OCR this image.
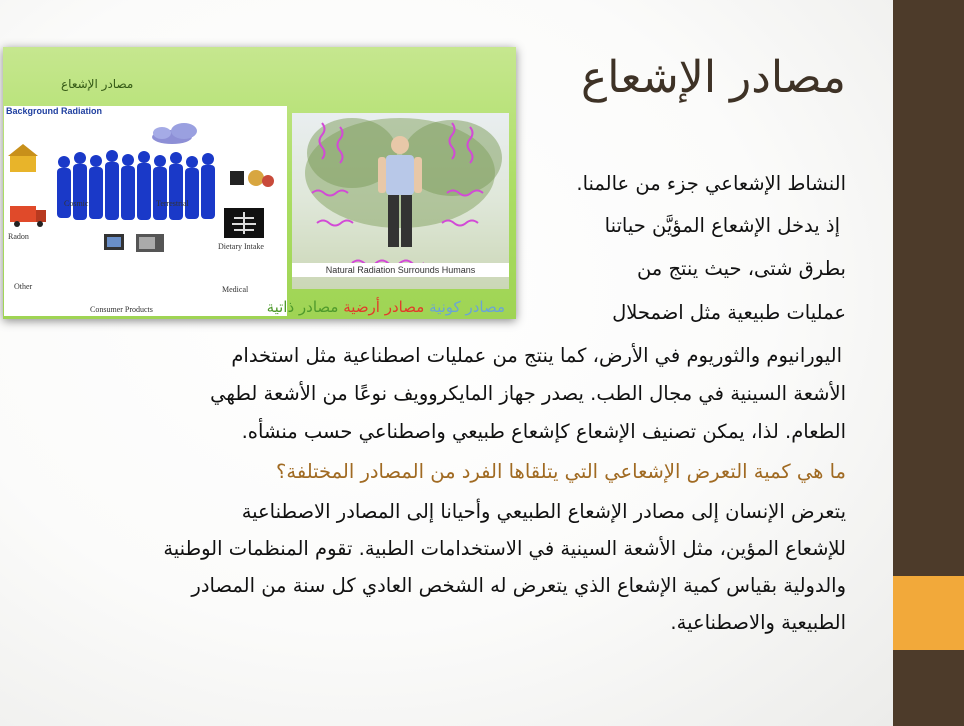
مصادر الإشعاع
مصادر الإشعاع
Background Radiation
Cosmic	Terrestrial
Radon
Dietary Intake
Other	Medical
Consumer Products
Natural Radiation Surrounds Humans
مصادر كونية مصادر أرضية مصادر ذاتية
النشاط الإشعاعي جزء من عالمنا.
إذ يدخل الإشعاع المؤيَّن حياتنا
بطرق شتى، حيث ينتج من
عمليات طبيعية مثل اضمحلال
اليورانيوم والثوريوم في الأرض، كما ينتج من عمليات اصطناعية مثل استخدام
الأشعة السينية في مجال الطب. يصدر جهاز المايكروويف نوعًا من الأشعة لطهي
الطعام. لذا، يمكن تصنيف الإشعاع كإشعاع طبيعي واصطناعي حسب منشأه.
ما هي كمية التعرض الإشعاعي التي يتلقاها الفرد من المصادر المختلفة؟
يتعرض الإنسان إلى مصادر الإشعاع الطبيعي وأحيانا إلى المصادر الاصطناعية
للإشعاع المؤين، مثل الأشعة السينية في الاستخدامات الطبية. تقوم المنظمات الوطنية
والدولية بقياس كمية الإشعاع الذي يتعرض له الشخص العادي كل سنة من المصادر
الطبيعية والاصطناعية.
